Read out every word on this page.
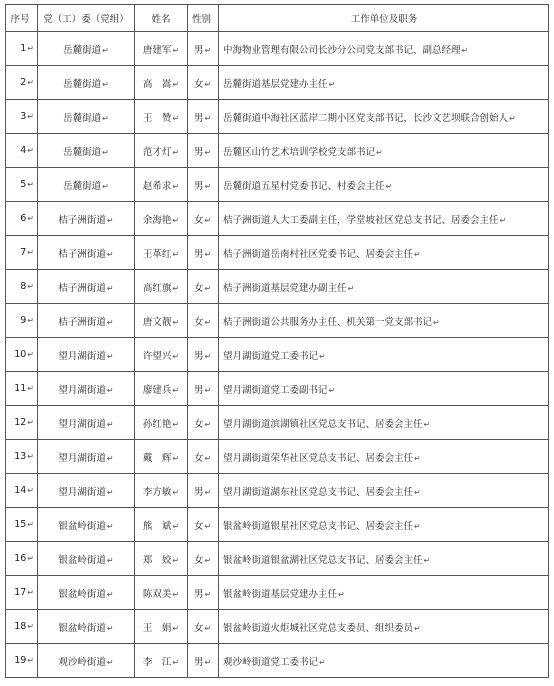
序号	党（工）委（党组）	姓名	性别	工作单位及职务
1 ↵	岳麓街道 ↵	唐建军 ↵	男 ↵	中海物业管理有限公司长沙分公司党支部书记、副总经理 ↵
2 ↵	岳麓街道 ↵	高　嵩 ↵	女 ↵	岳麓街道基层党建办主任 ↵
3 ↵	岳麓街道 ↵	王　赞 ↵	男 ↵	岳麓街道中海社区蓝岸二期小区党支部书记，长沙文艺坝联合创始人 ↵
4 ↵	岳麓街道 ↵	范才灯 ↵	男 ↵	岳麓区山竹艺术培训学校党支部书记 ↵
5 ↵	岳麓街道 ↵	赵希求 ↵	男 ↵	岳麓街道五星村党委书记、村委会主任 ↵
6 ↵	桔子洲街道 ↵	余海艳 ↵	女 ↵	桔子洲街道人大工委副主任，学堂坡社区党总支书记、居委会主任 ↵
7 ↵	桔子洲街道 ↵	王革红 ↵	男 ↵	桔子洲街道岳南村社区党委书记、居委会主任 ↵
8 ↵	桔子洲街道 ↵	高红旗 ↵	女 ↵	桔子洲街道基层党建办副主任 ↵
9 ↵	桔子洲街道 ↵	唐文靓 ↵	女 ↵	桔子洲街道公共服务办主任、机关第一党支部书记 ↵
10 ↵	望月湖街道 ↵	许望兴 ↵	男 ↵	望月湖街道党工委书记 ↵
11 ↵	望月湖街道 ↵	廖建兵 ↵	男 ↵	望月湖街道党工委副书记 ↵
12 ↵	望月湖街道 ↵	孙红艳 ↵	女 ↵	望月湖街道滨湖镇社区党总支书记、居委会主任 ↵
13 ↵	望月湖街道 ↵	戴　辉 ↵	女 ↵	望月湖街道荣华社区党总支书记、居委会主任 ↵
14 ↵	望月湖街道 ↵	李方敏 ↵	男 ↵	望月湖街道湖东社区党总支书记、居委会主任 ↵
15 ↵	银盆岭街道 ↵	熊　斌 ↵	女 ↵	银盆岭街道银星社区党总支书记、居委会主任 ↵
16 ↵	银盆岭街道 ↵	郑　姣 ↵	女 ↵	银盆岭街道银盆湖社区党总支书记、居委会主任 ↵
17 ↵	银盆岭街道 ↵	陈双美 ↵	男 ↵	银盆岭街道基层党建办主任 ↵
18 ↵	银盆岭街道 ↵	王　娟 ↵	女 ↵	银盆岭街道火炬城社区党总支委员、组织委员 ↵
19 ↵	观沙岭街道 ↵	李　江 ↵	男 ↵	观沙岭街道党工委书记 ↵
